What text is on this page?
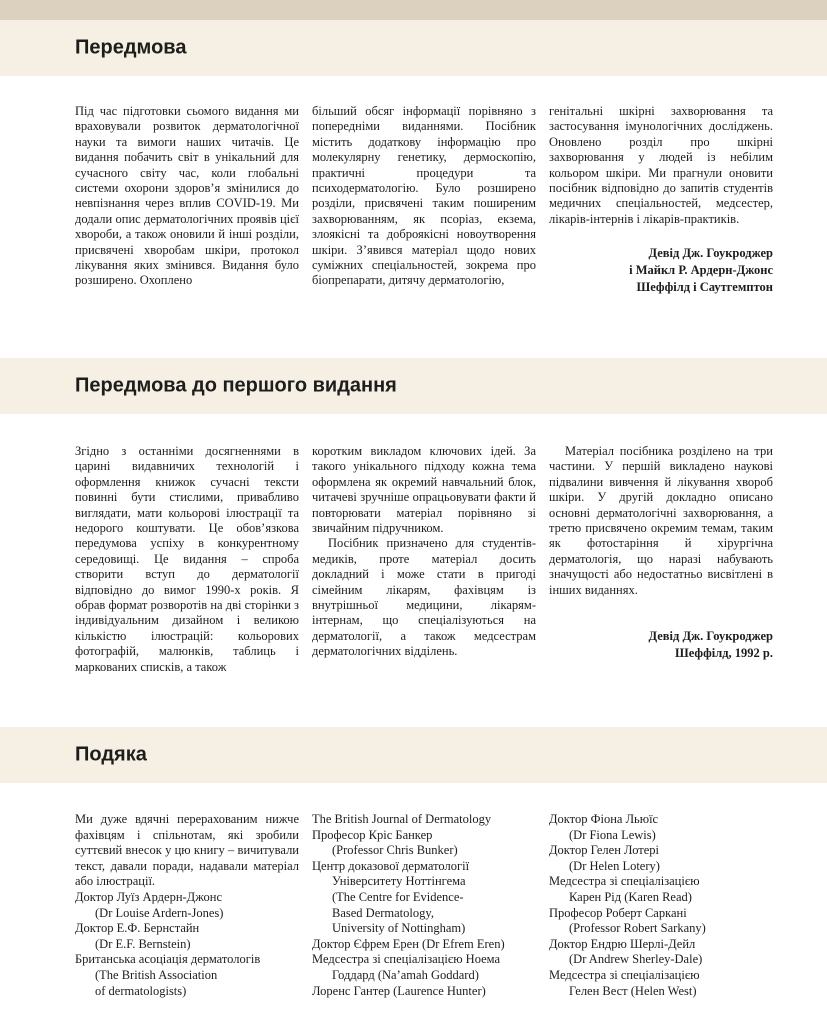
Передмова

Під час підготовки сьомого видання ми враховували розвиток дерматологічної науки та вимоги наших читачів. Це видання побачить світ в унікальний для сучасного світу час, коли глобальні системи охорони здоров’я змінилися до невпізнання через вплив COVID-19. Ми додали опис дерматологічних проявів цієї хвороби, а також оновили й інші розділи, присвячені хворобам шкіри, протокол лікування яких змінився. Видання було розширено. Охоплено

більший обсяг інформації порівняно з попередніми виданнями. Посібник містить додаткову інформацію про молекулярну генетику, дермоскопію, практичні процедури та психодерматологію. Було розширено розділи, присвячені таким поширеним захворюванням, як псоріаз, екзема, злоякісні та доброякісні новоутворення шкіри. З’явився матеріал щодо нових суміжних спеціальностей, зокрема про біопрепарати, дитячу дерматологію,

генітальні шкірні захворювання та застосування імунологічних досліджень. Оновлено розділ про шкірні захворювання у людей із небілим кольором шкіри. Ми прагнули оновити посібник відповідно до запитів студентів медичних спеціальностей, медсестер, лікарів-інтернів і лікарів-практиків.

Девід Дж. Гоукроджер
і Майкл Р. Ардерн-Джонс
Шеффілд і Саутгемптон
Передмова до першого видання

Згідно з останніми досягненнями в царині видавничих технологій і оформлення книжок сучасні тексти повинні бути стислими, привабливо виглядати, мати кольорові ілюстрації та недорого коштувати. Це обов’язкова передумова успіху в конкурентному середовищі. Це видання – спроба створити вступ до дерматології відповідно до вимог 1990-х років. Я обрав формат розворотів на дві сторінки з індивідуальним дизайном і великою кількістю ілюстрацій: кольорових фотографій, малюнків, таблиць і маркованих списків, а також

коротким викладом ключових ідей. За такого унікального підходу кожна тема оформлена як окремий навчальний блок, читачеві зручніше опрацьовувати факти й повторювати матеріал порівняно зі звичайним підручником.

Посібник призначено для студентів-медиків, проте матеріал досить докладний і може стати в пригоді сімейним лікарям, фахівцям із внутрішньої медицини, лікарям-інтернам, що спеціалізуються на дерматології, а також медсестрам дерматологічних відділень.

Матеріал посібника розділено на три частини. У першій викладено наукові підвалини вивчення й лікування хвороб шкіри. У другій докладно описано основні дерматологічні захворювання, а третю присвячено окремим темам, таким як фотостаріння й хірургічна дерматологія, що наразі набувають значущості або недостатньо висвітлені в інших виданнях.

Девід Дж. Гоукроджер
Шеффілд, 1992 р.
Подяка

Ми дуже вдячні перерахованим нижче фахівцям і спільнотам, які зробили суттєвий внесок у цю книгу – вичитували текст, давали поради, надавали матеріал або ілюстрації.

Доктор Луїз Ардерн-Джонс
(Dr Louise Ardern-Jones)
Доктор Е.Ф. Бернстайн
(Dr E.F. Bernstein)
Британська асоціація дерматологів
(The British Association
of dermatologists)
The British Journal of Dermatology
Професор Кріс Банкер
(Professor Chris Bunker)
Центр доказової дерматології
Університету Ноттінгема
(The Centre for Evidence-
Based Dermatology,
University of Nottingham)
Доктор Єфрем Ерен (Dr Efrem Eren)
Медсестра зі спеціалізацією Ноема
Годдард (Na’amah Goddard)
Лоренс Гантер (Laurence Hunter)
Доктор Фіона Льюїс
(Dr Fiona Lewis)
Доктор Гелен Лотері
(Dr Helen Lotery)
Медсестра зі спеціалізацією
Карен Рід (Karen Read)
Професор Роберт Саркані
(Professor Robert Sarkany)
Доктор Ендрю Шерлі-Дейл
(Dr Andrew Sherley-Dale)
Медсестра зі спеціалізацією
Гелен Вест (Helen West)
